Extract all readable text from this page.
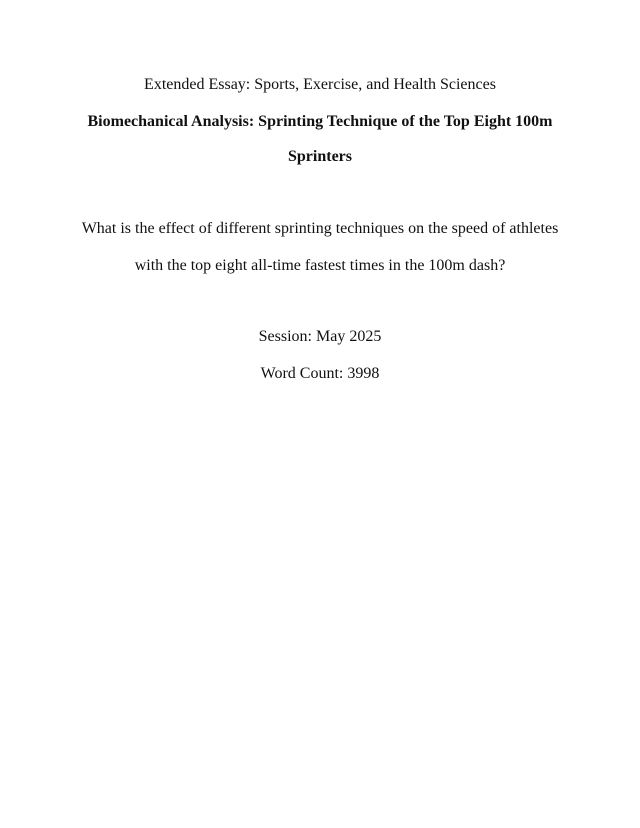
Extended Essay: Sports, Exercise, and Health Sciences
Biomechanical Analysis: Sprinting Technique of the Top Eight 100m
Sprinters
What is the effect of different sprinting techniques on the speed of athletes
with the top eight all-time fastest times in the 100m dash?
Session: May 2025
Word Count: 3998
